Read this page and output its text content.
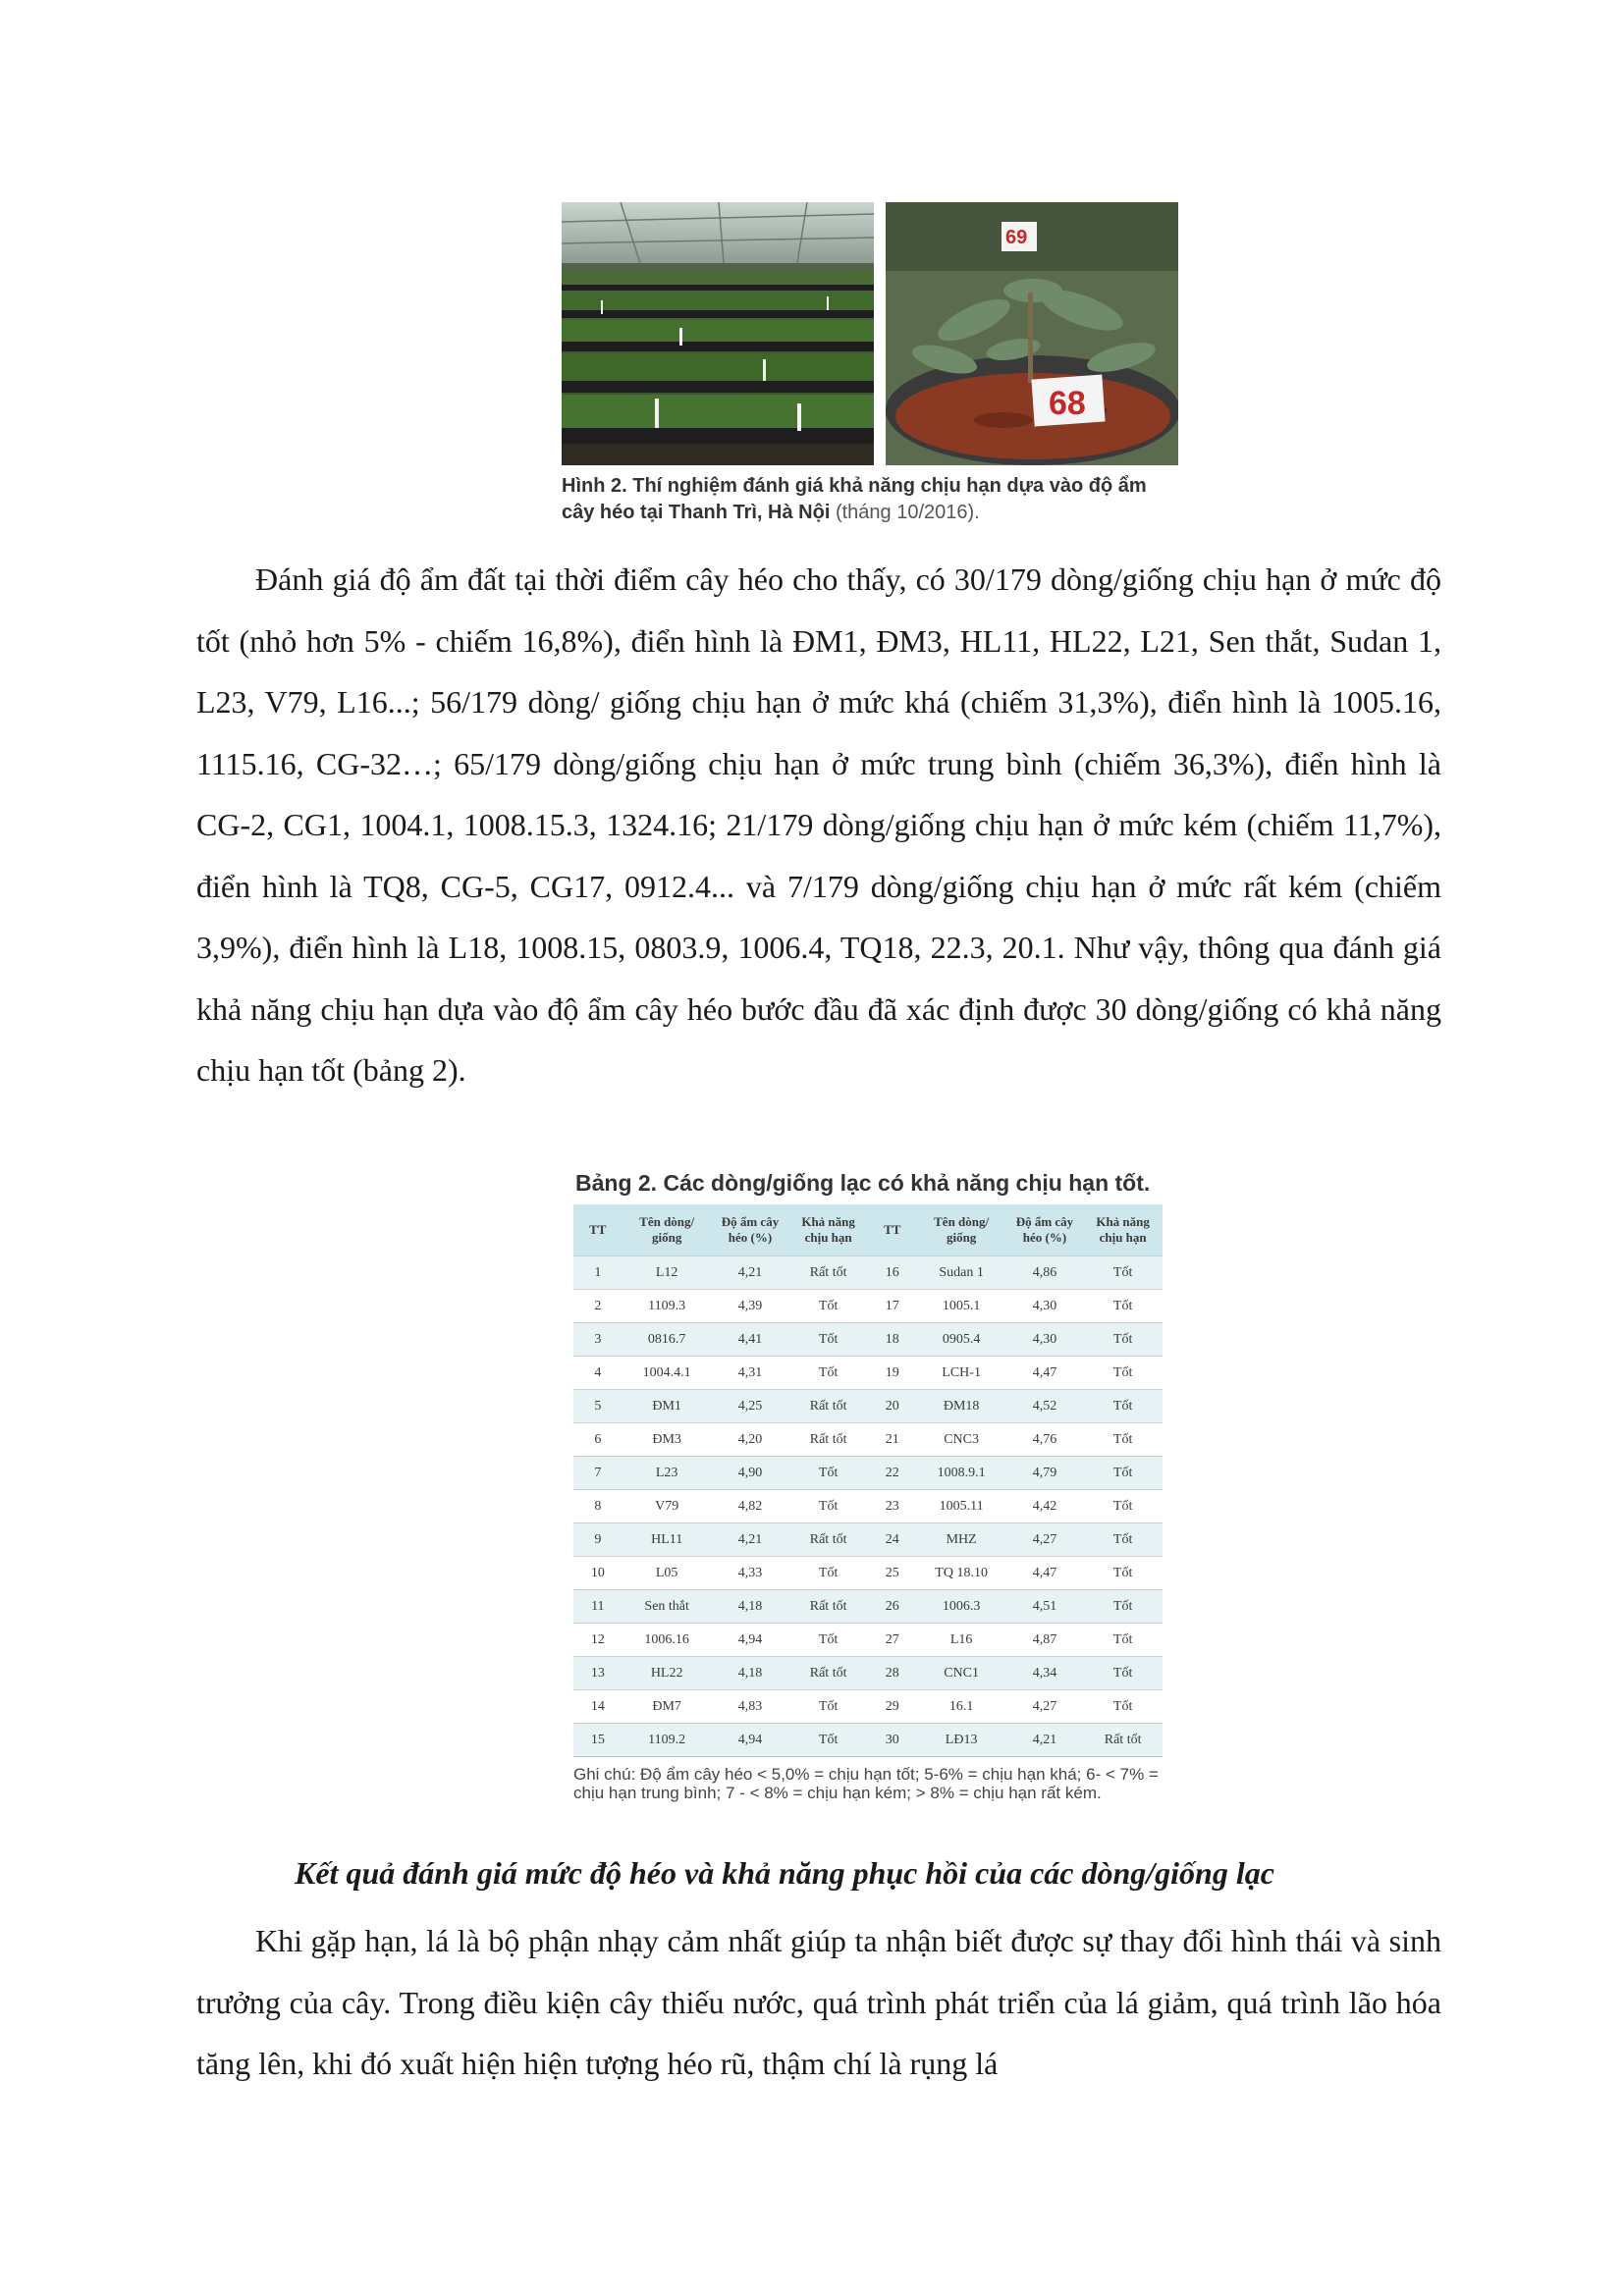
68
69
Hình 2. Thí nghiệm đánh giá khả năng chịu hạn dựa vào độ ẩm cây héo tại Thanh Trì, Hà Nội (tháng 10/2016).

Đánh giá độ ẩm đất tại thời điểm cây héo cho thấy, có 30/179 dòng/giống chịu hạn ở mức độ tốt (nhỏ hơn 5% - chiếm 16,8%), điển hình là ĐM1, ĐM3, HL11, HL22, L21, Sen thắt, Sudan 1, L23, V79, L16...; 56/179 dòng/ giống chịu hạn ở mức khá (chiếm 31,3%), điển hình là 1005.16, 1115.16, CG-32…; 65/179 dòng/giống chịu hạn ở mức trung bình (chiếm 36,3%), điển hình là CG-2, CG1, 1004.1, 1008.15.3, 1324.16; 21/179 dòng/giống chịu hạn ở mức kém (chiếm 11,7%), điển hình là TQ8, CG-5, CG17, 0912.4... và 7/179 dòng/giống chịu hạn ở mức rất kém (chiếm 3,9%), điển hình là L18, 1008.15, 0803.9, 1006.4, TQ18, 22.3, 20.1. Như vậy, thông qua đánh giá khả năng chịu hạn dựa vào độ ẩm cây héo bước đầu đã xác định được 30 dòng/giống có khả năng chịu hạn tốt (bảng 2).

Bảng 2. Các dòng/giống lạc có khả năng chịu hạn tốt.
TT	Tên dòng/ giống	Độ ẩm cây héo (%)	Khả năng chịu hạn	TT	Tên dòng/ giống	Độ ẩm cây héo (%)	Khả năng chịu hạn
1	L12	4,21	Rất tốt	16	Sudan 1	4,86	Tốt
2	1109.3	4,39	Tốt	17	1005.1	4,30	Tốt
3	0816.7	4,41	Tốt	18	0905.4	4,30	Tốt
4	1004.4.1	4,31	Tốt	19	LCH-1	4,47	Tốt
5	ĐM1	4,25	Rất tốt	20	ĐM18	4,52	Tốt
6	ĐM3	4,20	Rất tốt	21	CNC3	4,76	Tốt
7	L23	4,90	Tốt	22	1008.9.1	4,79	Tốt
8	V79	4,82	Tốt	23	1005.11	4,42	Tốt
9	HL11	4,21	Rất tốt	24	MHZ	4,27	Tốt
10	L05	4,33	Tốt	25	TQ 18.10	4,47	Tốt
11	Sen thắt	4,18	Rất tốt	26	1006.3	4,51	Tốt
12	1006.16	4,94	Tốt	27	L16	4,87	Tốt
13	HL22	4,18	Rất tốt	28	CNC1	4,34	Tốt
14	ĐM7	4,83	Tốt	29	16.1	4,27	Tốt
15	1109.2	4,94	Tốt	30	LĐ13	4,21	Rất tốt
Ghi chú: Độ ẩm cây héo < 5,0% = chịu hạn tốt; 5-6% = chịu hạn khá; 6- < 7% = chịu hạn trung bình; 7 - < 8% = chịu hạn kém; > 8% = chịu hạn rất kém.

Kết quả đánh giá mức độ héo và khả năng phục hồi của các dòng/giống lạc

Khi gặp hạn, lá là bộ phận nhạy cảm nhất giúp ta nhận biết được sự thay đổi hình thái và sinh trưởng của cây. Trong điều kiện cây thiếu nước, quá trình phát triển của lá giảm, quá trình lão hóa tăng lên, khi đó xuất hiện hiện tượng héo rũ, thậm chí là rụng lá
